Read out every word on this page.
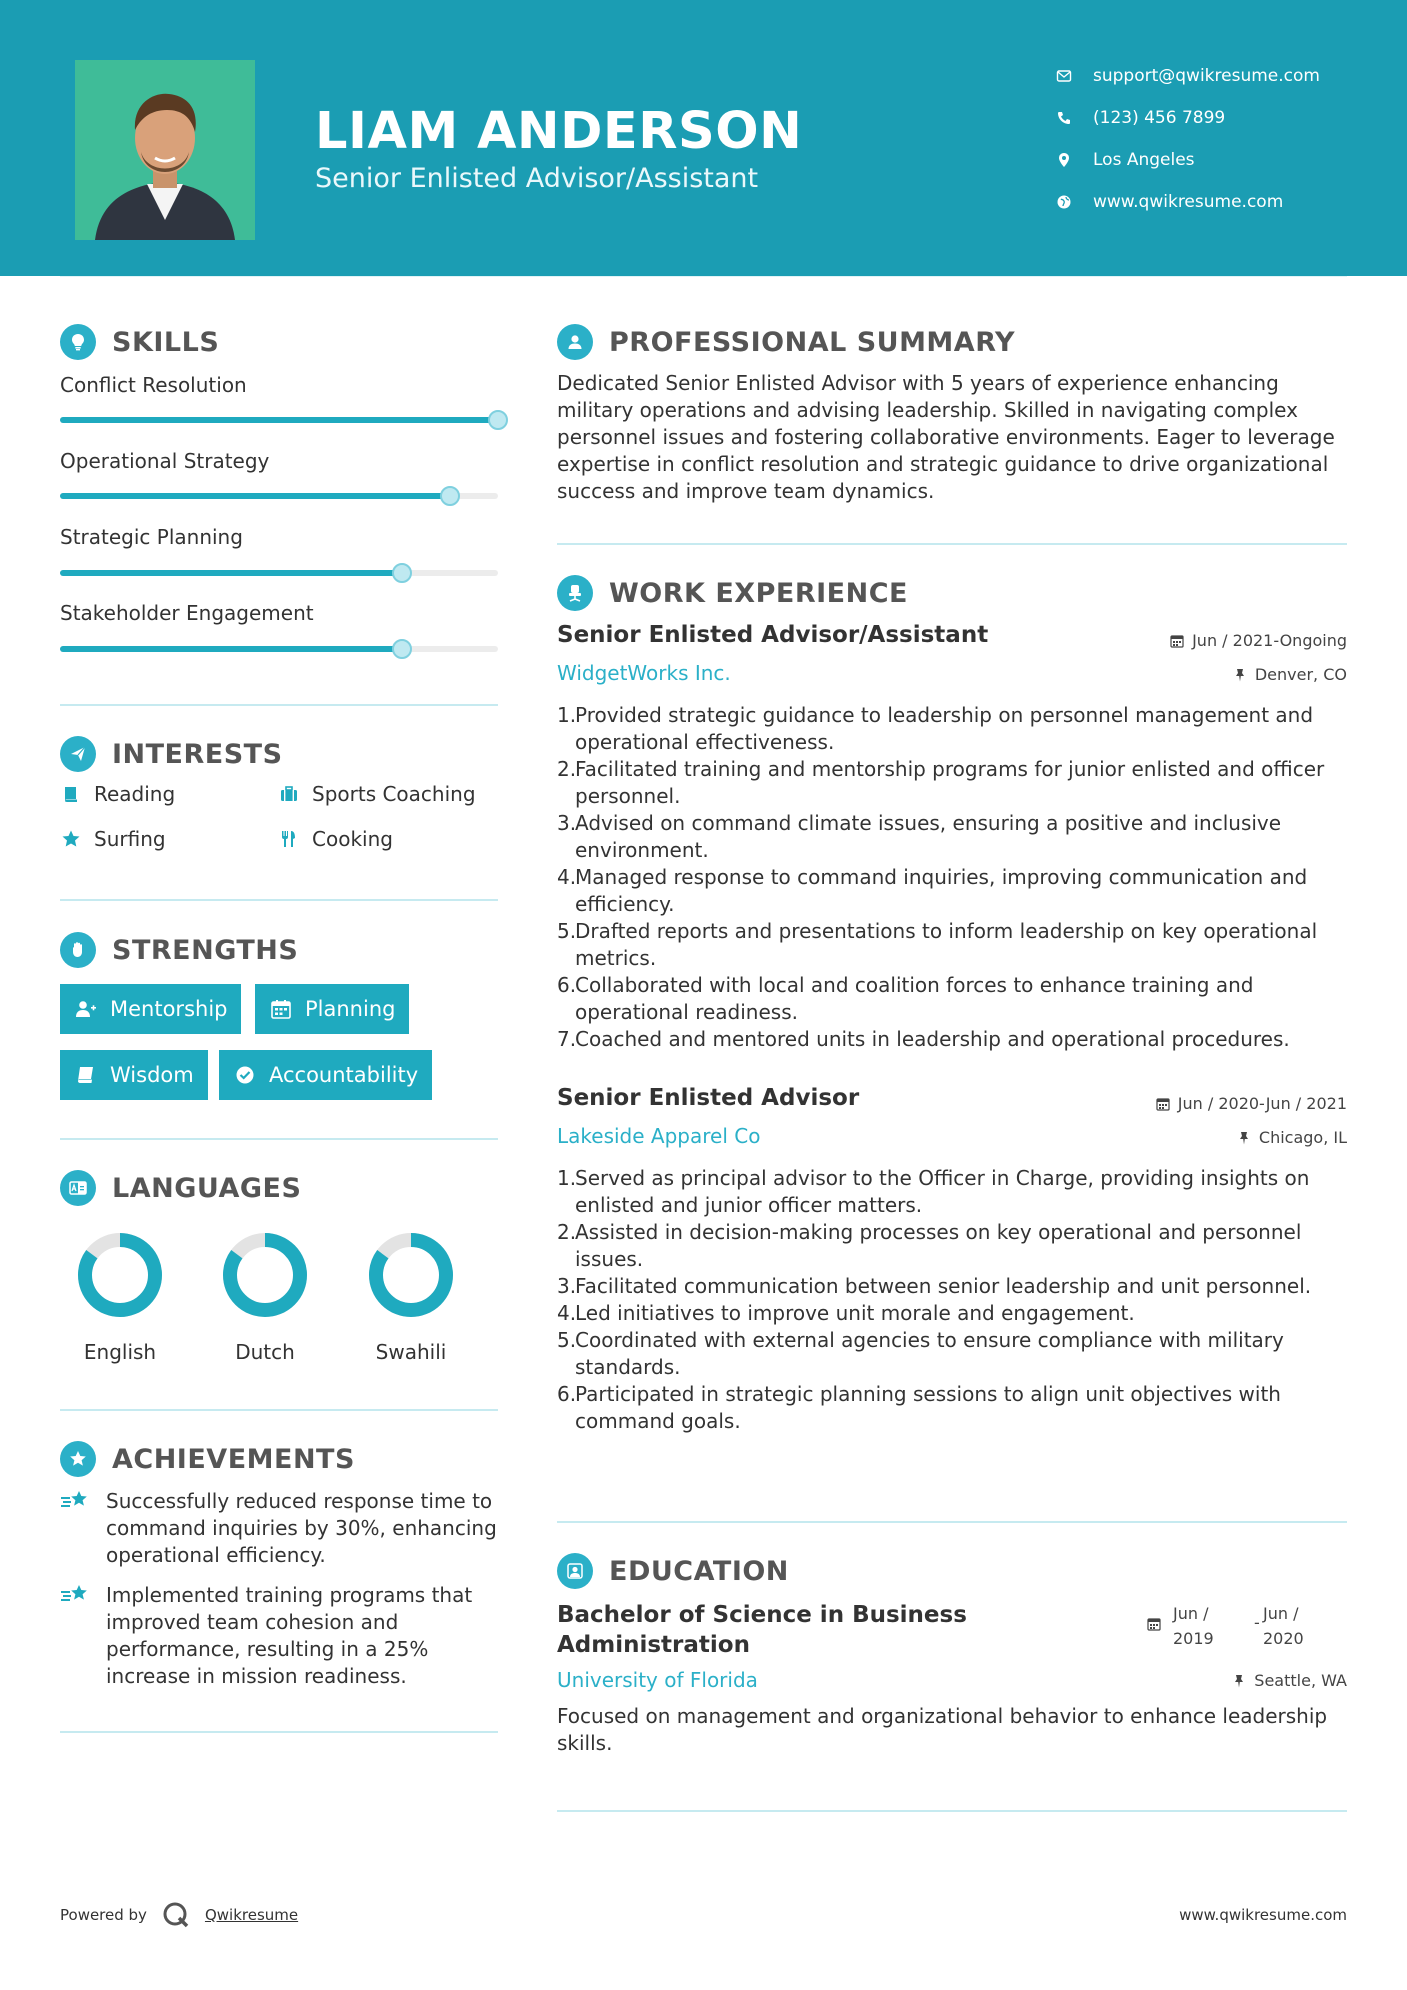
LIAM ANDERSON
Senior Enlisted Advisor/Assistant
support@qwikresume.com
(123) 456 7899
Los Angeles
www.qwikresume.com
SKILLS
Conflict Resolution
Operational Strategy
Strategic Planning
Stakeholder Engagement
INTERESTS
Reading	Sports Coaching
Surfing	Cooking
STRENGTHS
Mentorship	Planning
Wisdom	Accountability
LANGUAGES
English	Dutch	Swahili
ACHIEVEMENTS
Successfully reduced response time to command inquiries by 30%, enhancing operational efficiency.
Implemented training programs that improved team cohesion and performance, resulting in a 25% increase in mission readiness.
PROFESSIONAL SUMMARY
Dedicated Senior Enlisted Advisor with 5 years of experience enhancing military operations and advising leadership. Skilled in navigating complex personnel issues and fostering collaborative environments. Eager to leverage expertise in conflict resolution and strategic guidance to drive organizational success and improve team dynamics.
WORK EXPERIENCE
Senior Enlisted Advisor/Assistant	Jun / 2021-Ongoing
WidgetWorks Inc.	Denver, CO
1.
Provided strategic guidance to leadership on personnel management and operational effectiveness.
2.
Facilitated training and mentorship programs for junior enlisted and officer personnel.
3.
Advised on command climate issues, ensuring a positive and inclusive environment.
4.
Managed response to command inquiries, improving communication and efficiency.
5.
Drafted reports and presentations to inform leadership on key operational metrics.
6.
Collaborated with local and coalition forces to enhance training and operational readiness.
7.
Coached and mentored units in leadership and operational procedures.
Senior Enlisted Advisor	Jun / 2020-Jun / 2021
Lakeside Apparel Co	Chicago, IL
1.
Served as principal advisor to the Officer in Charge, providing insights on enlisted and junior officer matters.
2.
Assisted in decision-making processes on key operational and personnel issues.
3.
Facilitated communication between senior leadership and unit personnel.
4.
Led initiatives to improve unit morale and engagement.
5.
Coordinated with external agencies to ensure compliance with military standards.
6.
Participated in strategic planning sessions to align unit objectives with command goals.
EDUCATION
Bachelor of Science in Business Administration
Jun / 2019
- Jun / 2020
University of Florida	Seattle, WA
Focused on management and organizational behavior to enhance leadership skills.
Powered by	Qwikresume	www.qwikresume.com
